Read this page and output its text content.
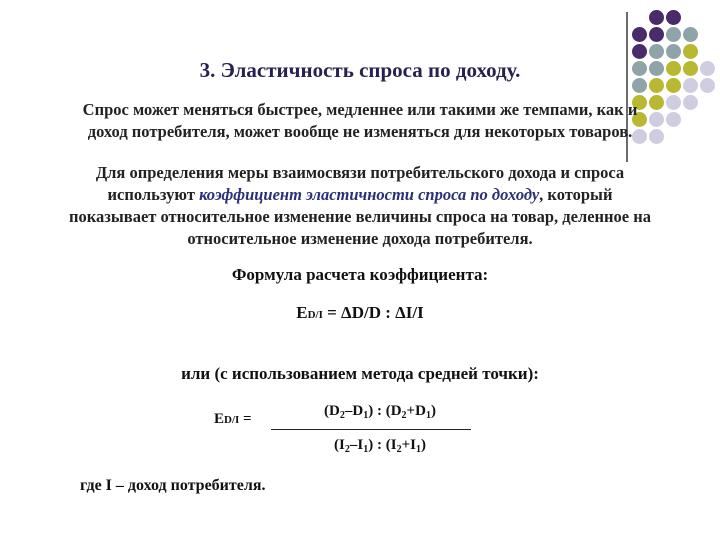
3. Эластичность спроса по доходу.
Спрос может меняться быстрее, медленнее или такими же темпами, как и
доход потребителя, может вообще не изменяться для некоторых товаров.
Для определения меры взаимосвязи потребительского дохода и спроса
используют коэффициент эластичности спроса по доходу, который
показывает относительное изменение величины спроса на товар, деленное на
относительное изменение дохода потребителя.
Формула расчета коэффициента:
ED/I = ΔD/D : ΔI/I
или (с использованием метода средней точки):
ED/I =	$(D_2-D_1)$ : $(D_2+D_1)$
$(I_2-I_1)$ : $(I_2+I_1)$
где I – доход потребителя.
